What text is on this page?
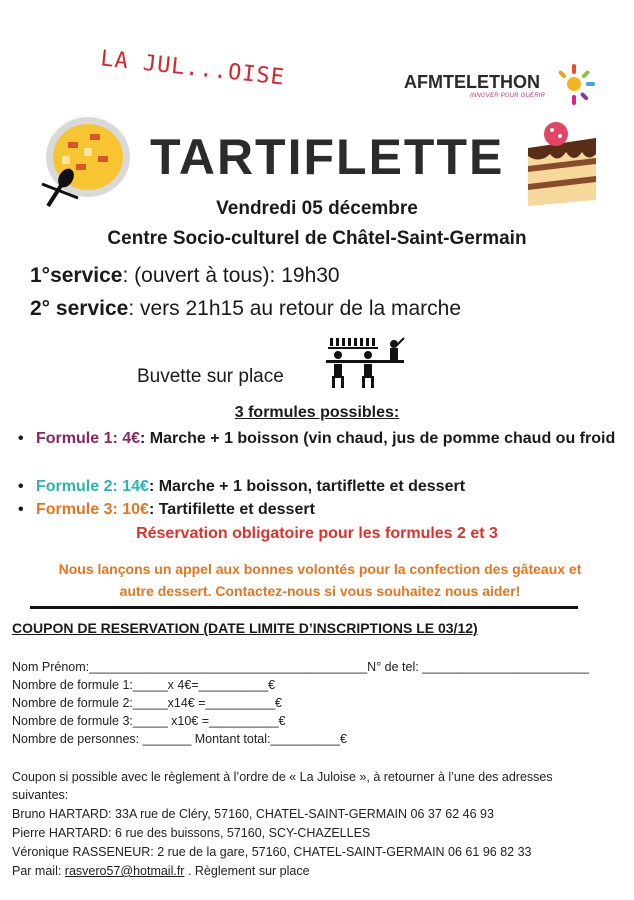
LA JUL...OISE	AFMTELETHON
INNOVER POUR GUERIR
TARTIFLETTE
Vendredi 05 décembre
Centre Socio-culturel de Châtel-Saint-Germain
1°service: (ouvert à tous): 19h30
2° service: vers 21h15 au retour de la marche
Buvette sur place
3 formules possibles:
• Formule 1: 4€: Marche + 1 boisson (vin chaud, jus de pomme chaud ou froid
• Formule 2: 14€: Marche + 1 boisson, tartiflette et dessert
• Formule 3: 10€: Tartifilette et dessert
Réservation obligatoire pour les formules 2 et 3
Nous lançons un appel aux bonnes volontés pour la confection des gâteaux et autre dessert. Contactez-nous si vous souhaitez nous aider!
COUPON DE RESERVATION (DATE LIMITE D’INSCRIPTIONS LE 03/12)
Nom Prénom:________________________________________N° de tel: ________________________
Nombre de formule 1:_____x 4€=__________€
Nombre de formule 2:_____x14€ =__________€
Nombre de formule 3:_____ x10€ =__________€
Nombre de personnes: _______ Montant total:__________€
Coupon si possible avec le règlement à l’ordre de « La Juloise », à retourner à l’une des adresses
suivantes:
Bruno HARTARD: 33A rue de Cléry, 57160, CHATEL-SAINT-GERMAIN 06 37 62 46 93
Pierre HARTARD: 6 rue des buissons, 57160, SCY-CHAZELLES
Véronique RASSENEUR: 2 rue de la gare, 57160, CHATEL-SAINT-GERMAIN 06 61 96 82 33
Par mail: rasvero57@hotmail.fr . Règlement sur place
